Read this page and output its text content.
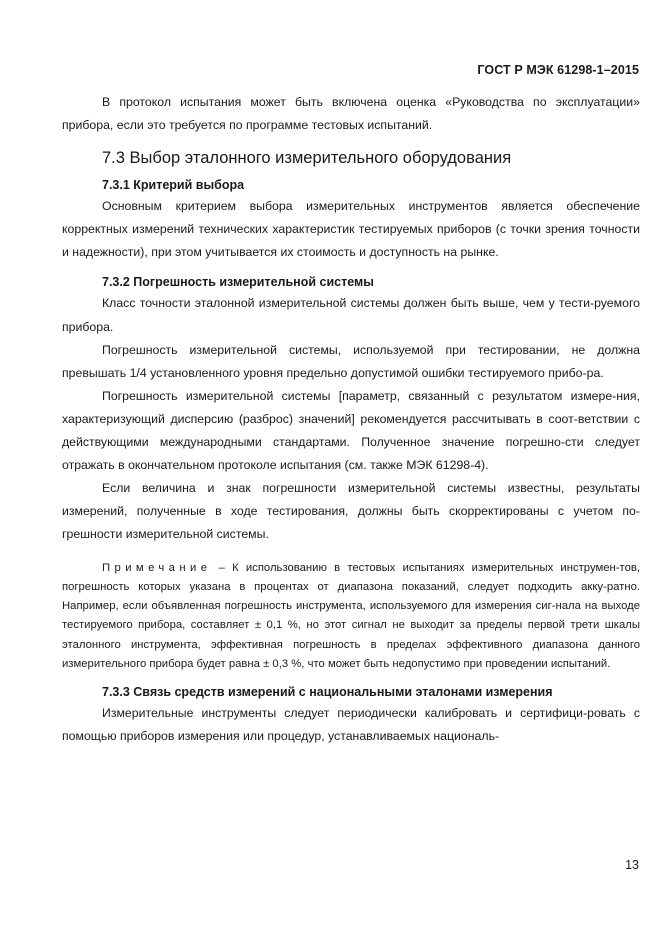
ГОСТ Р МЭК 61298-1–2015

В протокол испытания может быть включена оценка «Руководства по эксплуатации» прибора, если это требуется по программе тестовых испытаний.

7.3 Выбор эталонного измерительного оборудования
7.3.1 Критерий выбора

Основным критерием выбора измерительных инструментов является обеспечение корректных измерений технических характеристик тестируемых приборов (с точки зрения точности и надежности), при этом учитывается их стоимость и доступность на рынке.

7.3.2 Погрешность измерительной системы

Класс точности эталонной измерительной системы должен быть выше, чем у тести-руемого прибора.

Погрешность измерительной системы, используемой при тестировании, не должна превышать 1/4 установленного уровня предельно допустимой ошибки тестируемого прибо-ра.

Погрешность измерительной системы [параметр, связанный с результатом измере-ния, характеризующий дисперсию (разброс) значений] рекомендуется рассчитывать в соот-ветствии с действующими международными стандартами. Полученное значение погрешно-сти следует отражать в окончательном протоколе испытания (см. также МЭК 61298-4).

Если величина и знак погрешности измерительной системы известны, результаты измерений, полученные в ходе тестирования, должны быть скорректированы с учетом по-грешности измерительной системы.

Примечание – К использованию в тестовых испытаниях измерительных инструмен-тов, погрешность которых указана в процентах от диапазона показаний, следует подходить акку-ратно. Например, если объявленная погрешность инструмента, используемого для измерения сиг-нала на выходе тестируемого прибора, составляет ± 0,1 %, но этот сигнал не выходит за пределы первой трети шкалы эталонного инструмента, эффективная погрешность в пределах эффективного диапазона данного измерительного прибора будет равна ± 0,3 %, что может быть недопустимо при проведении испытаний.
7.3.3 Связь средств измерений с национальными эталонами измерения

Измерительные инструменты следует периодически калибровать и сертифици-ровать с помощью приборов измерения или процедур, устанавливаемых националь-

13
